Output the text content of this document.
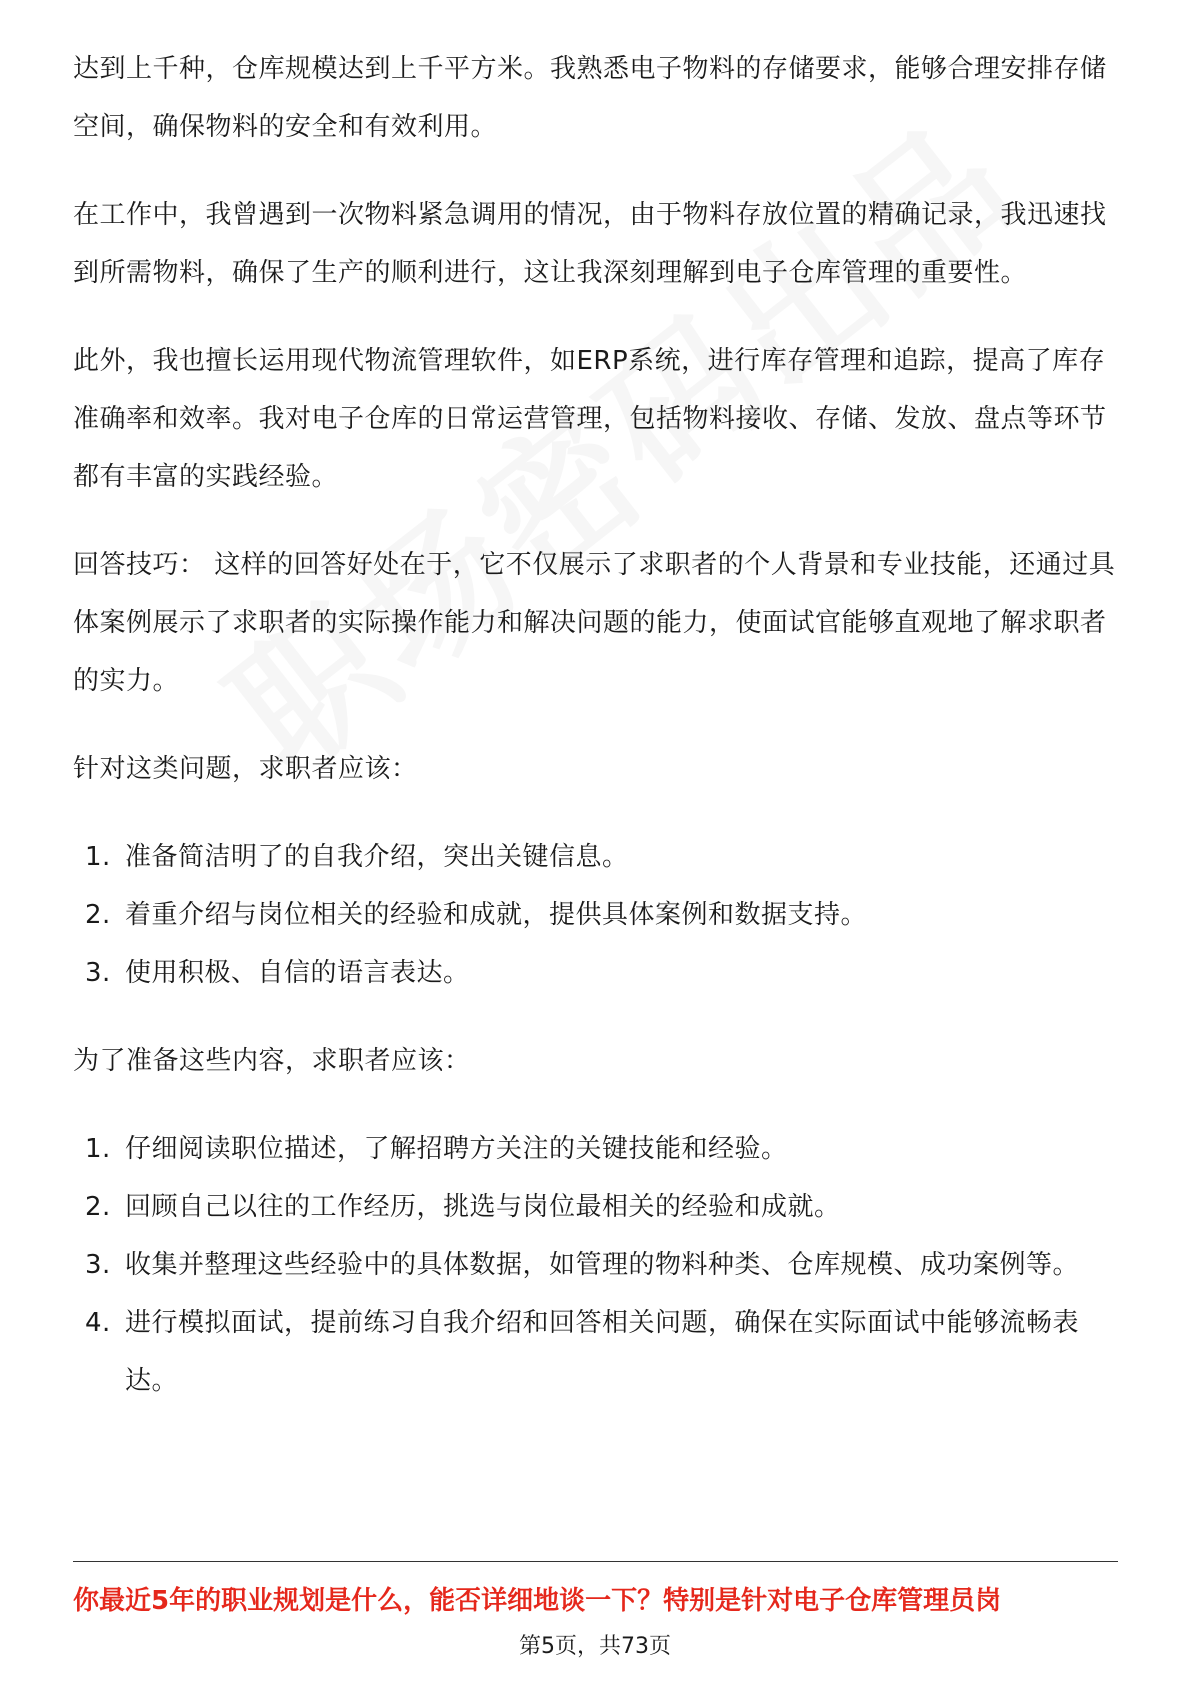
达到上千种，仓库规模达到上千平方米。我熟悉电子物料的存储要求，能够合理安排存储空间，确保物料的安全和有效利用。

在工作中，我曾遇到一次物料紧急调用的情况，由于物料存放位置的精确记录，我迅速找到所需物料，确保了生产的顺利进行，这让我深刻理解到电子仓库管理的重要性。

此外，我也擅长运用现代物流管理软件，如ERP系统，进行库存管理和追踪，提高了库存准确率和效率。我对电子仓库的日常运营管理，包括物料接收、存储、发放、盘点等环节都有丰富的实践经验。

回答技巧： 这样的回答好处在于，它不仅展示了求职者的个人背景和专业技能，还通过具体案例展示了求职者的实际操作能力和解决问题的能力，使面试官能够直观地了解求职者的实力。

针对这类问题，求职者应该：

1. 准备简洁明了的自我介绍，突出关键信息。
2. 着重介绍与岗位相关的经验和成就，提供具体案例和数据支持。
3. 使用积极、自信的语言表达。

为了准备这些内容，求职者应该：

1. 仔细阅读职位描述，了解招聘方关注的关键技能和经验。
2. 回顾自己以往的工作经历，挑选与岗位最相关的经验和成就。
3. 收集并整理这些经验中的具体数据，如管理的物料种类、仓库规模、成功案例等。
4. 进行模拟面试，提前练习自我介绍和回答相关问题，确保在实际面试中能够流畅表达。
你最近5年的职业规划是什么，能否详细地谈一下？特别是针对电子仓库管理员岗
第5页，共73页
